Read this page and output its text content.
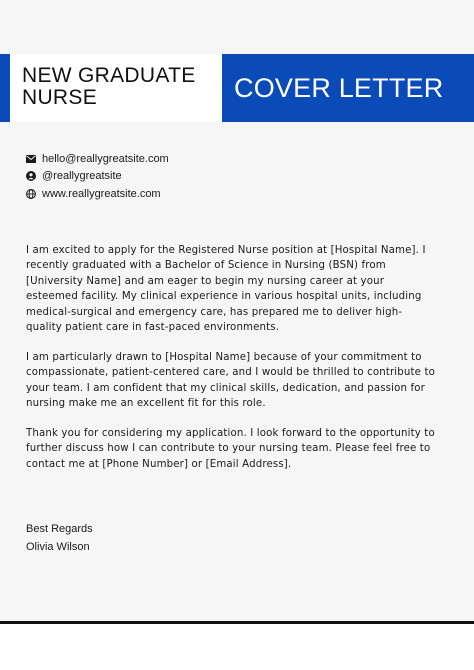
NEW GRADUATE NURSE	COVER LETTER
hello@reallygreatsite.com
@reallygreatsite
www.reallygreatsite.com

I am excited to apply for the Registered Nurse position at [Hospital Name]. I recently graduated with a Bachelor of Science in Nursing (BSN) from [University Name] and am eager to begin my nursing career at your esteemed facility. My clinical experience in various hospital units, including medical-surgical and emergency care, has prepared me to deliver high-quality patient care in fast-paced environments.

I am particularly drawn to [Hospital Name] because of your commitment to compassionate, patient-centered care, and I would be thrilled to contribute to your team. I am confident that my clinical skills, dedication, and passion for nursing make me an excellent fit for this role.

Thank you for considering my application. I look forward to the opportunity to further discuss how I can contribute to your nursing team. Please feel free to contact me at [Phone Number] or [Email Address].

Best Regards
Olivia Wilson
